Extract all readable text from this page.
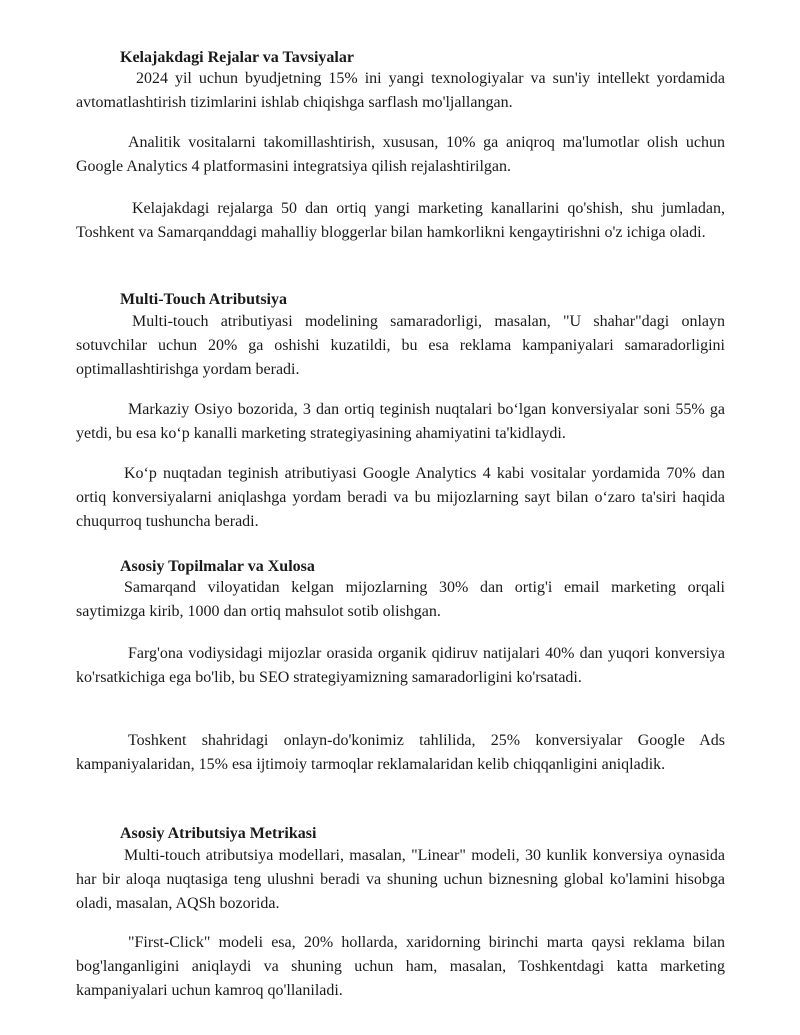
Kelajakdagi Rejalar va Tavsiyalar
2024 yil uchun byudjetning 15% ini yangi texnologiyalar va sun'iy intellekt yordamida avtomatlashtirish tizimlarini ishlab chiqishga sarflash mo'ljallangan.
Analitik vositalarni takomillashtirish, xususan, 10% ga aniqroq ma'lumotlar olish uchun Google Analytics 4 platformasini integratsiya qilish rejalashtirilgan.
Kelajakdagi rejalarga 50 dan ortiq yangi marketing kanallarini qo'shish, shu jumladan, Toshkent va Samarqanddagi mahalliy bloggerlar bilan hamkorlikni kengaytirishni o'z ichiga oladi.
Multi-Touch Atributsiya
Multi-touch atributiyasi modelining samaradorligi, masalan, "U shahar"dagi onlayn sotuvchilar uchun 20% ga oshishi kuzatildi, bu esa reklama kampaniyalari samaradorligini optimallashtirishga yordam beradi.
Markaziy Osiyo bozorida, 3 dan ortiq teginish nuqtalari bo‘lgan konversiyalar soni 55% ga yetdi, bu esa ko‘p kanalli marketing strategiyasining ahamiyatini ta'kidlaydi.
Ko‘p nuqtadan teginish atributiyasi Google Analytics 4 kabi vositalar yordamida 70% dan ortiq konversiyalarni aniqlashga yordam beradi va bu mijozlarning sayt bilan o‘zaro ta'siri haqida chuqurroq tushuncha beradi.
Asosiy Topilmalar va Xulosa
Samarqand viloyatidan kelgan mijozlarning 30% dan ortig'i email marketing orqali saytimizga kirib, 1000 dan ortiq mahsulot sotib olishgan.
Farg'ona vodiysidagi mijozlar orasida organik qidiruv natijalari 40% dan yuqori konversiya ko'rsatkichiga ega bo'lib, bu SEO strategiyamizning samaradorligini ko'rsatadi.
Toshkent shahridagi onlayn-do'konimiz tahlilida, 25% konversiyalar Google Ads kampaniyalaridan, 15% esa ijtimoiy tarmoqlar reklamalaridan kelib chiqqanligini aniqladik.
Asosiy Atributsiya Metrikasi
Multi-touch atributsiya modellari, masalan, "Linear" modeli, 30 kunlik konversiya oynasida har bir aloqa nuqtasiga teng ulushni beradi va shuning uchun biznesning global ko'lamini hisobga oladi, masalan, AQSh bozorida.
"First-Click" modeli esa, 20% hollarda, xaridorning birinchi marta qaysi reklama bilan bog'langanligini aniqlaydi va shuning uchun ham, masalan, Toshkentdagi katta marketing kampaniyalari uchun kamroq qo'llaniladi.
